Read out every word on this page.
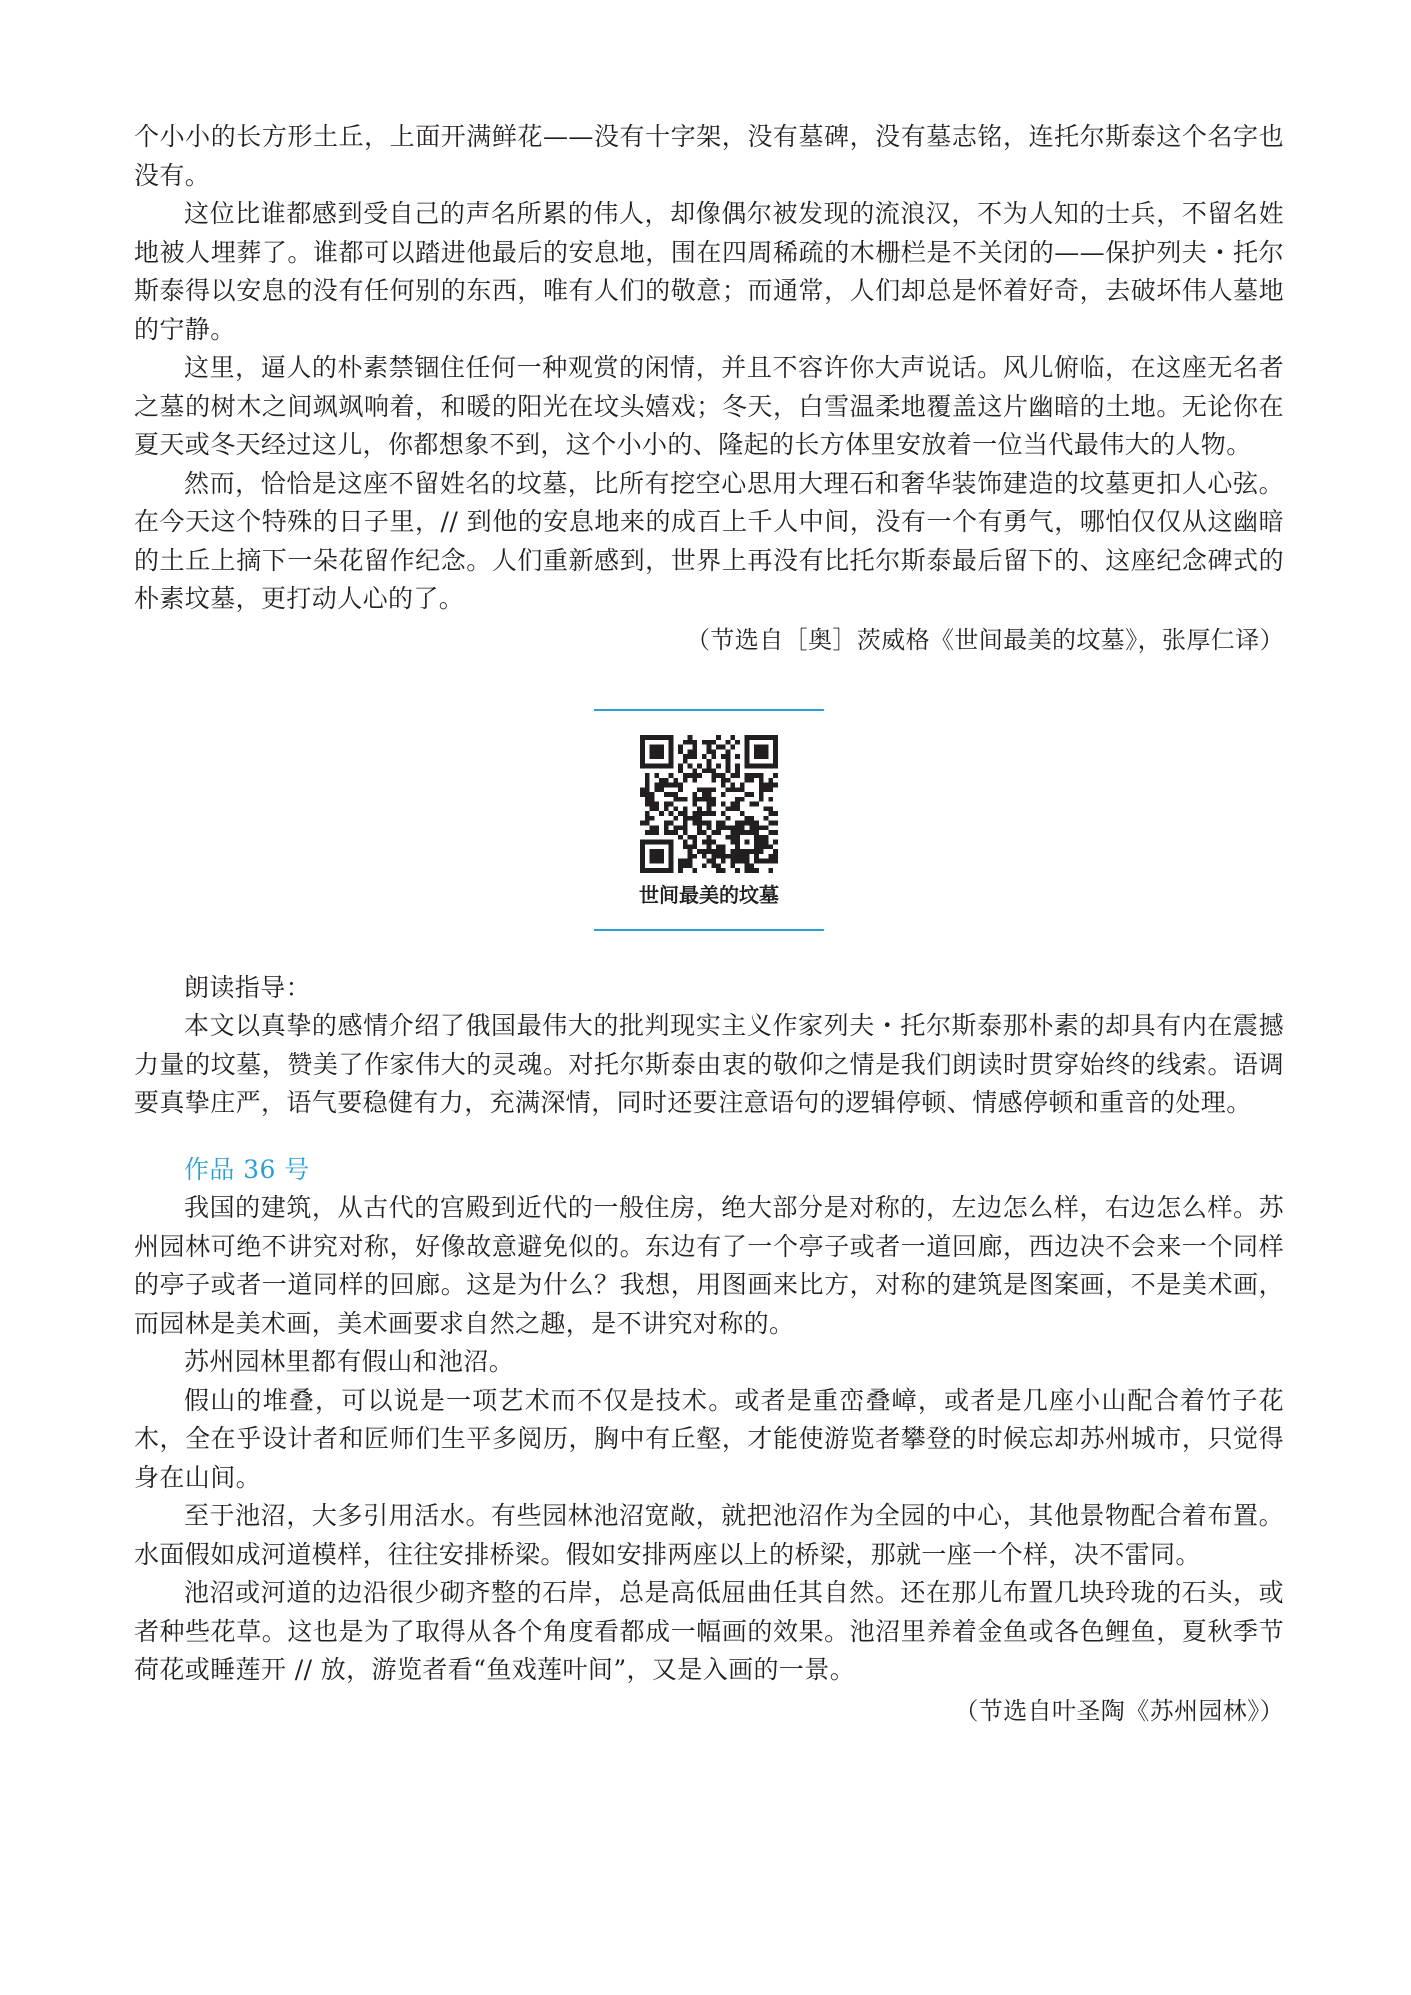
个小小的长方形土丘，上面开满鲜花——没有十字架，没有墓碑，没有墓志铭，连托尔斯泰这个名字也没有。

这位比谁都感到受自己的声名所累的伟人，却像偶尔被发现的流浪汉，不为人知的士兵，不留名姓地被人埋葬了。谁都可以踏进他最后的安息地，围在四周稀疏的木栅栏是不关闭的——保护列夫・托尔斯泰得以安息的没有任何别的东西，唯有人们的敬意；而通常，人们却总是怀着好奇，去破坏伟人墓地的宁静。

这里，逼人的朴素禁锢住任何一种观赏的闲情，并且不容许你大声说话。风儿俯临，在这座无名者之墓的树木之间飒飒响着，和暖的阳光在坟头嬉戏；冬天，白雪温柔地覆盖这片幽暗的土地。无论你在夏天或冬天经过这儿，你都想象不到，这个小小的、隆起的长方体里安放着一位当代最伟大的人物。

然而，恰恰是这座不留姓名的坟墓，比所有挖空心思用大理石和奢华装饰建造的坟墓更扣人心弦。在今天这个特殊的日子里，// 到他的安息地来的成百上千人中间，没有一个有勇气，哪怕仅仅从这幽暗的土丘上摘下一朵花留作纪念。人们重新感到，世界上再没有比托尔斯泰最后留下的、这座纪念碑式的朴素坟墓，更打动人心的了。

（节选自［奥］茨威格《世间最美的坟墓》，张厚仁译）

世间最美的坟墓

朗读指导：

本文以真挚的感情介绍了俄国最伟大的批判现实主义作家列夫・托尔斯泰那朴素的却具有内在震撼力量的坟墓，赞美了作家伟大的灵魂。对托尔斯泰由衷的敬仰之情是我们朗读时贯穿始终的线索。语调要真挚庄严，语气要稳健有力，充满深情，同时还要注意语句的逻辑停顿、情感停顿和重音的处理。

作品 36 号

我国的建筑，从古代的宫殿到近代的一般住房，绝大部分是对称的，左边怎么样，右边怎么样。苏州园林可绝不讲究对称，好像故意避免似的。东边有了一个亭子或者一道回廊，西边决不会来一个同样的亭子或者一道同样的回廊。这是为什么？我想，用图画来比方，对称的建筑是图案画，不是美术画，而园林是美术画，美术画要求自然之趣，是不讲究对称的。

苏州园林里都有假山和池沼。

假山的堆叠，可以说是一项艺术而不仅是技术。或者是重峦叠嶂，或者是几座小山配合着竹子花木，全在乎设计者和匠师们生平多阅历，胸中有丘壑，才能使游览者攀登的时候忘却苏州城市，只觉得身在山间。

至于池沼，大多引用活水。有些园林池沼宽敞，就把池沼作为全园的中心，其他景物配合着布置。水面假如成河道模样，往往安排桥梁。假如安排两座以上的桥梁，那就一座一个样，决不雷同。

池沼或河道的边沿很少砌齐整的石岸，总是高低屈曲任其自然。还在那儿布置几块玲珑的石头，或者种些花草。这也是为了取得从各个角度看都成一幅画的效果。池沼里养着金鱼或各色鲤鱼，夏秋季节荷花或睡莲开 // 放，游览者看“鱼戏莲叶间”，又是入画的一景。

（节选自叶圣陶《苏州园林》）
